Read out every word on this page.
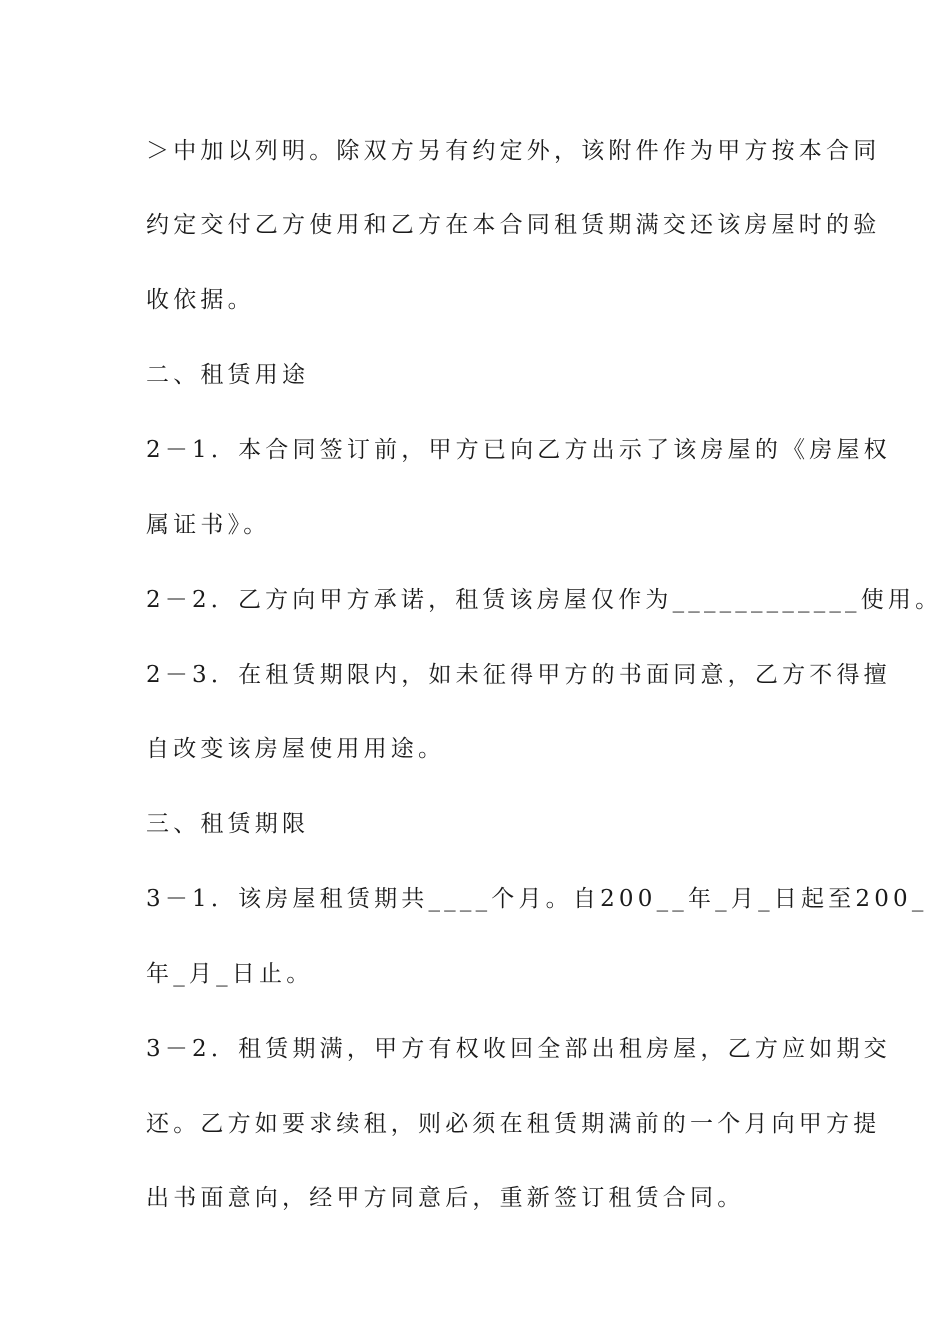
＞中加以列明。除双方另有约定外，该附件作为甲方按本合同
约定交付乙方使用和乙方在本合同租赁期满交还该房屋时的验
收依据。
二、租赁用途
2－1．本合同签订前，甲方已向乙方出示了该房屋的《房屋权
属证书》。
2－2．乙方向甲方承诺，租赁该房屋仅作为____________使用。
2－3．在租赁期限内，如未征得甲方的书面同意，乙方不得擅
自改变该房屋使用用途。
三、租赁期限
3－1．该房屋租赁期共____个月。自200__年_月_日起至200_
年_月_日止。
3－2．租赁期满，甲方有权收回全部出租房屋，乙方应如期交
还。乙方如要求续租，则必须在租赁期满前的一个月向甲方提
出书面意向，经甲方同意后，重新签订租赁合同。
